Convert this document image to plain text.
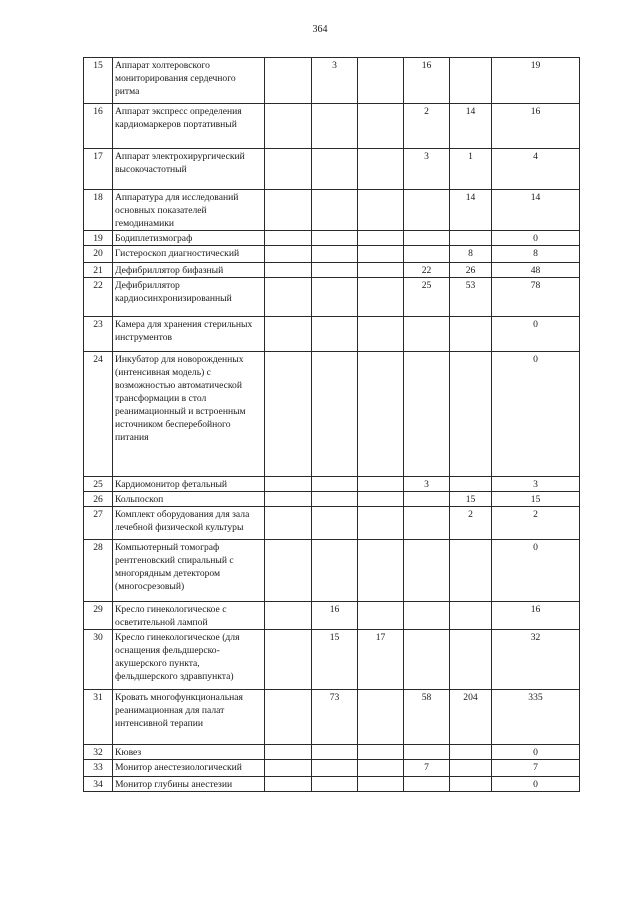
364
15	Аппарат холтеровского мониторирования сердечного ритма		3		16		19
16	Аппарат экспресс определения кардиомаркеров портативный				2	14	16
17	Аппарат электрохирургический высокочастотный				3	1	4
18	Аппаратура для исследований основных показателей гемодинамики					14	14
19	Бодиплетизмограф						0
20	Гистероскоп диагностический					8	8
21	Дефибриллятор бифазный				22	26	48
22	Дефибриллятор кардиосинхронизированный				25	53	78
23	Камера для хранения стерильных инструментов						0
24	Инкубатор для новорожденных (интенсивная модель) с возможностью автоматической трансформации в стол реанимационный и встроенным источником бесперебойного питания						0
25	Кардиомонитор фетальный				3		3
26	Кольпоскоп					15	15
27	Комплект оборудования для зала лечебной физической культуры					2	2
28	Компьютерный томограф рентгеновский спиральный с многорядным детектором (многосрезовый)						0
29	Кресло гинекологическое с осветительной лампой		16				16
30	Кресло гинекологическое (для оснащения фельдшерско-акушерского пункта, фельдшерского здравпункта)		15	17			32
31	Кровать многофункциональная реанимационная для палат интенсивной терапии		73		58	204	335
32	Кювез						0
33	Монитор анестезиологический				7		7
34	Монитор глубины анестезии						0
